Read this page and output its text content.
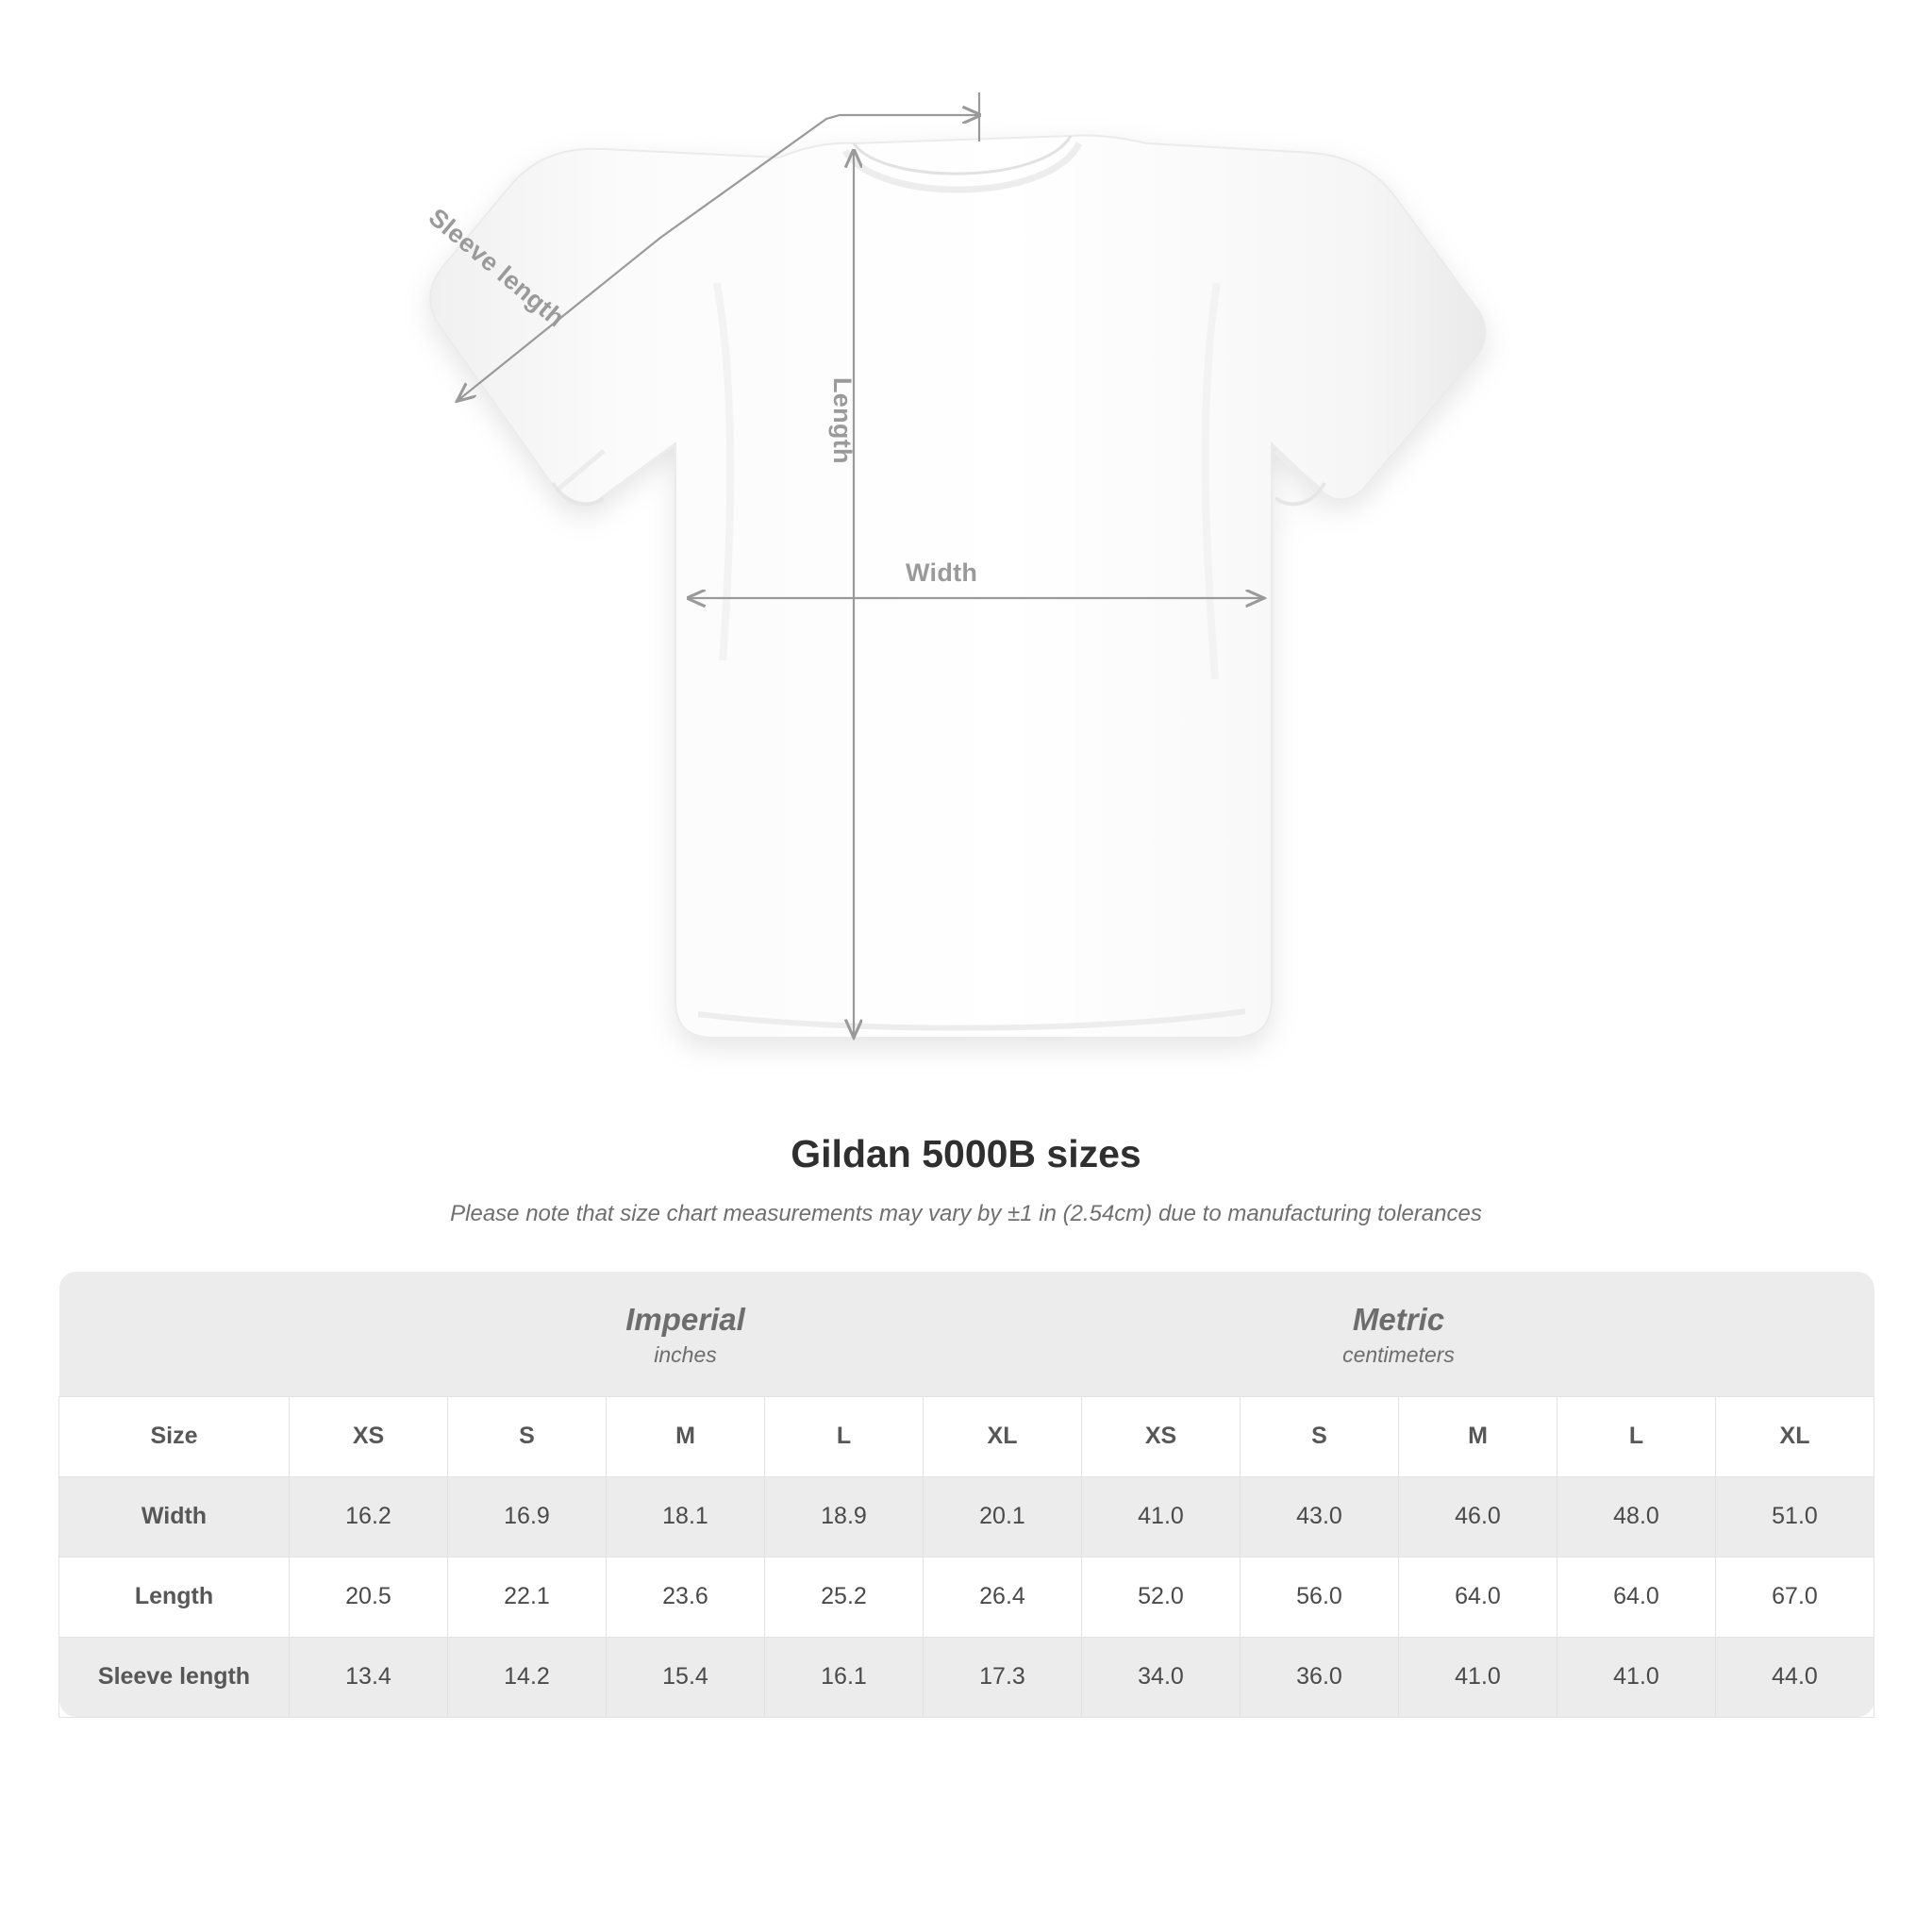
Width
Length
Sleeve length
Gildan 5000B sizes

Please note that size chart measurements may vary by ±1 in (2.54cm) due to manufacturing tolerances

Imperial
inches

Metric
centimeters

Size	XS	S	M	L	XL	XS	S	M	L	XL
Width	16.2	16.9	18.1	18.9	20.1	41.0	43.0	46.0	48.0	51.0
Length	20.5	22.1	23.6	25.2	26.4	52.0	56.0	64.0	64.0	67.0
Sleeve length	13.4	14.2	15.4	16.1	17.3	34.0	36.0	41.0	41.0	44.0
